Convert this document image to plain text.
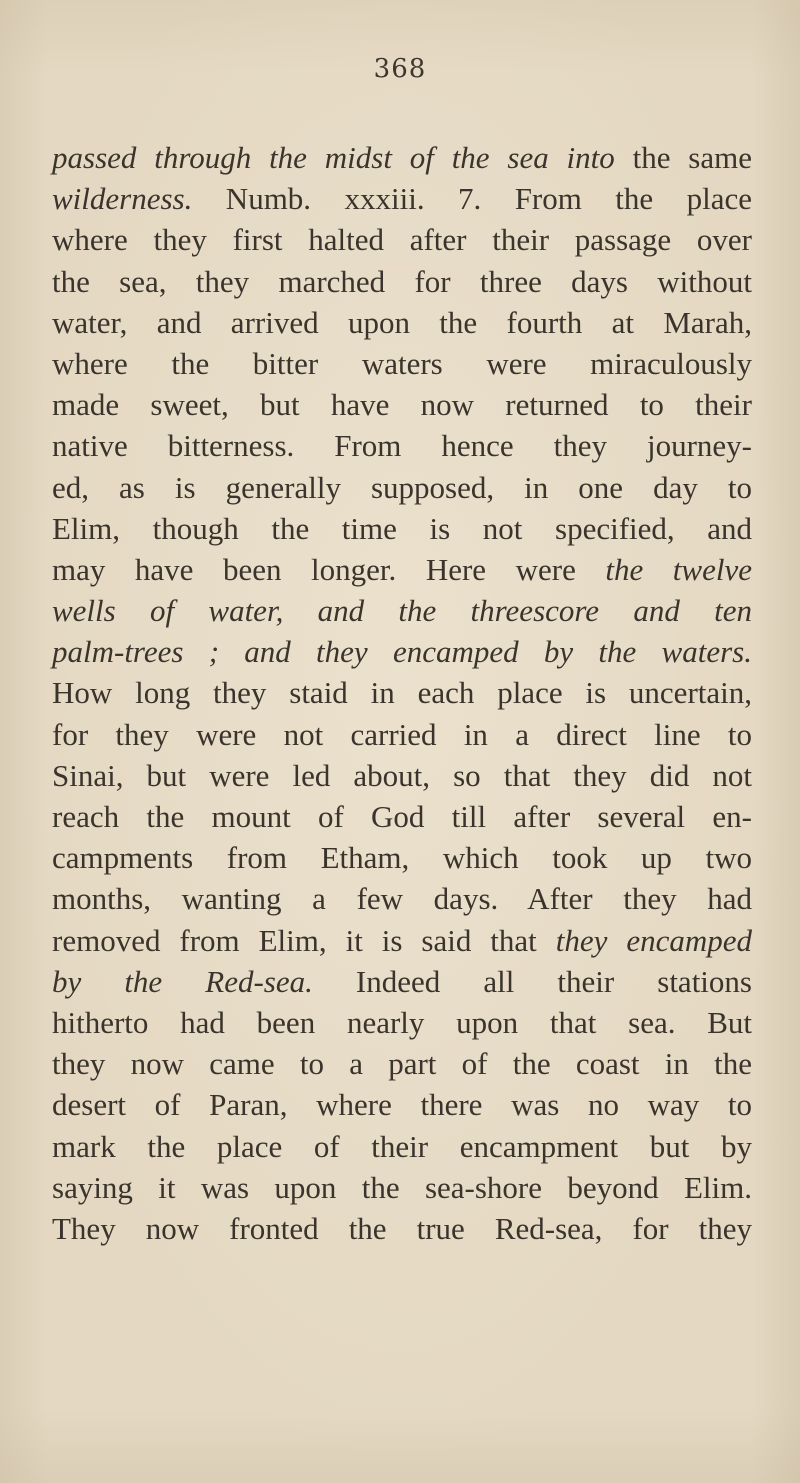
368
passed through the midst of the sea into the same
wilderness. Numb. xxxiii. 7. From the place
where they first halted after their passage over
the sea, they marched for three days without
water, and arrived upon the fourth at Marah,
where the bitter waters were miraculously
made sweet, but have now returned to their
native bitterness. From hence they journey-
ed, as is generally supposed, in one day to
Elim, though the time is not specified, and
may have been longer. Here were the twelve
wells of water, and the threescore and ten
palm-trees ; and they encamped by the waters.
How long they staid in each place is uncertain,
for they were not carried in a direct line to
Sinai, but were led about, so that they did not
reach the mount of God till after several en-
campments from Etham, which took up two
months, wanting a few days. After they had
removed from Elim, it is said that they encamped
by the Red-sea. Indeed all their stations
hitherto had been nearly upon that sea. But
they now came to a part of the coast in the
desert of Paran, where there was no way to
mark the place of their encampment but by
saying it was upon the sea-shore beyond Elim.
They now fronted the true Red-sea, for they
